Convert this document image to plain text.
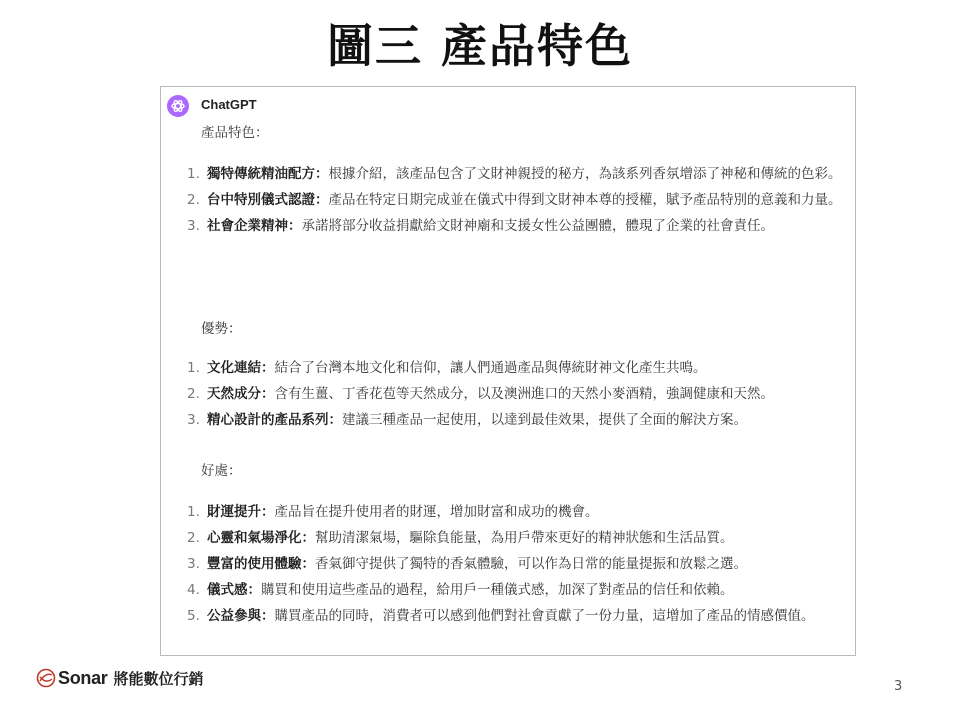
圖三 產品特色
ChatGPT
產品特色：
1. 獨特傳統精油配方：根據介紹，該產品包含了文財神親授的秘方，為該系列香氛增添了神秘和傳統的色彩。
2. 台中特別儀式認證：產品在特定日期完成並在儀式中得到文財神本尊的授權，賦予產品特別的意義和力量。
3. 社會企業精神：承諾將部分收益捐獻給文財神廟和支援女性公益團體，體現了企業的社會責任。
優勢：
1. 文化連結：結合了台灣本地文化和信仰，讓人們通過產品與傳統財神文化產生共鳴。
2. 天然成分：含有生薑、丁香花苞等天然成分，以及澳洲進口的天然小麥酒精，強調健康和天然。
3. 精心設計的產品系列：建議三種產品一起使用，以達到最佳效果，提供了全面的解決方案。
好處：
1. 財運提升：產品旨在提升使用者的財運，增加財富和成功的機會。
2. 心靈和氣場淨化：幫助清潔氣場，驅除負能量，為用戶帶來更好的精神狀態和生活品質。
3. 豐富的使用體驗：香氣御守提供了獨特的香氣體驗，可以作為日常的能量提振和放鬆之選。
4. 儀式感：購買和使用這些產品的過程，給用戶一種儀式感，加深了對產品的信任和依賴。
5. 公益參與：購買產品的同時，消費者可以感到他們對社會貢獻了一份力量，這增加了產品的情感價值。
Sonar 將能數位行銷	3
